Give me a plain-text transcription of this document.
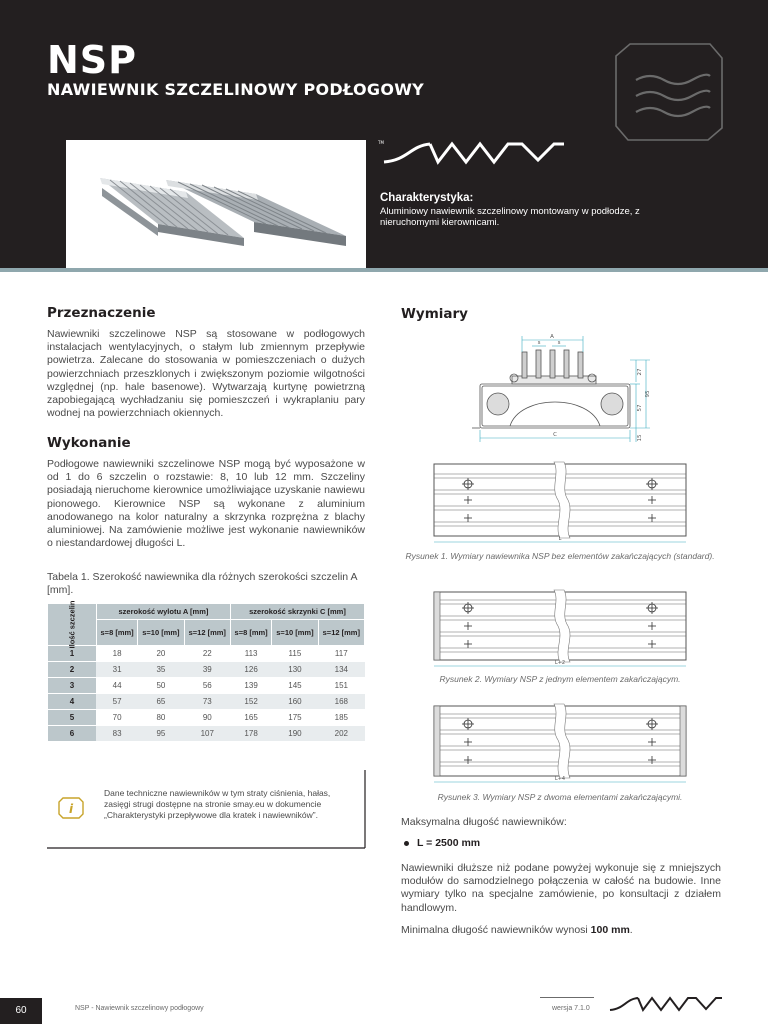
NSP
NAWIEWNIK SZCZELINOWY PODŁOGOWY
TM
Charakterystyka:
Aluminiowy nawiewnik szczelinowy montowany w podłodze, z nieruchomymi kierownicami.
Przeznaczenie
Nawiewniki szczelinowe NSP są stosowane w podłogowych instalacjach wentylacyjnych, o stałym lub zmiennym przepływie powietrza. Zalecane do stosowania w pomieszczeniach o dużych powierzchniach przeszklonych i zwiększonym poziomie wilgotności względnej (np. hale basenowe). Wytwarzają kurtynę powietrzną zapobiegającą wychładzaniu się pomieszczeń i wykraplaniu pary wodnej na powierzchniach okiennych.
Wykonanie
Podłogowe nawiewniki szczelinowe NSP mogą być wyposażone w od 1 do 6 szczelin o rozstawie: 8, 10 lub 12 mm. Szczeliny posiadają nieruchome kierownice umożliwiające uzyskanie nawiewu pionowego. Kierownice NSP są wykonane z aluminium anodowanego na kolor naturalny a skrzynka rozprężna z blachy aluminiowej. Na zamówienie możliwe jest wykonanie nawiewników o niestandardowej długości L.
Tabela 1. Szerokość nawiewnika dla różnych szerokości szczelin A [mm].
Ilość szczelin	szerokość wylotu A [mm]			szerokość skrzynki C [mm]		
	s=8 [mm]	s=10 [mm]	s=12 [mm]	s=8 [mm]	s=10 [mm]	s=12 [mm]
1	18	20	22	113	115	117
2	31	35	39	126	130	134
3	44	50	56	139	145	151
4	57	65	73	152	160	168
5	70	80	90	165	175	185
6	83	95	107	178	190	202
i
Dane techniczne nawiewników w tym straty ciśnienia, hałas, zasięgi strugi dostępne na stronie smay.eu w dokumencie „Charakterystyki przepływowe dla kratek i nawiewników”.
Wymiary
A
s	s
C
27
57
95
15
L
Rysunek 1. Wymiary nawiewnika NSP bez elementów zakańczających (standard).
L+2
Rysunek 2. Wymiary NSP z jednym elementem zakańczającym.
L+4
Rysunek 3. Wymiary NSP z dwoma elementami zakańczającymi.
Maksymalna długość nawiewników:
L = 2500 mm
Nawiewniki dłuższe niż podane powyżej wykonuje się z mniejszych modułów do samodzielnego połączenia w całość na budowie. Inne wymiary tylko na specjalne zamówienie, po konsultacji z działem handlowym.
Minimalna długość nawiewników wynosi 100 mm.
60	NSP - Nawiewnik szczelinowy podłogowy	wersja 7.1.0
